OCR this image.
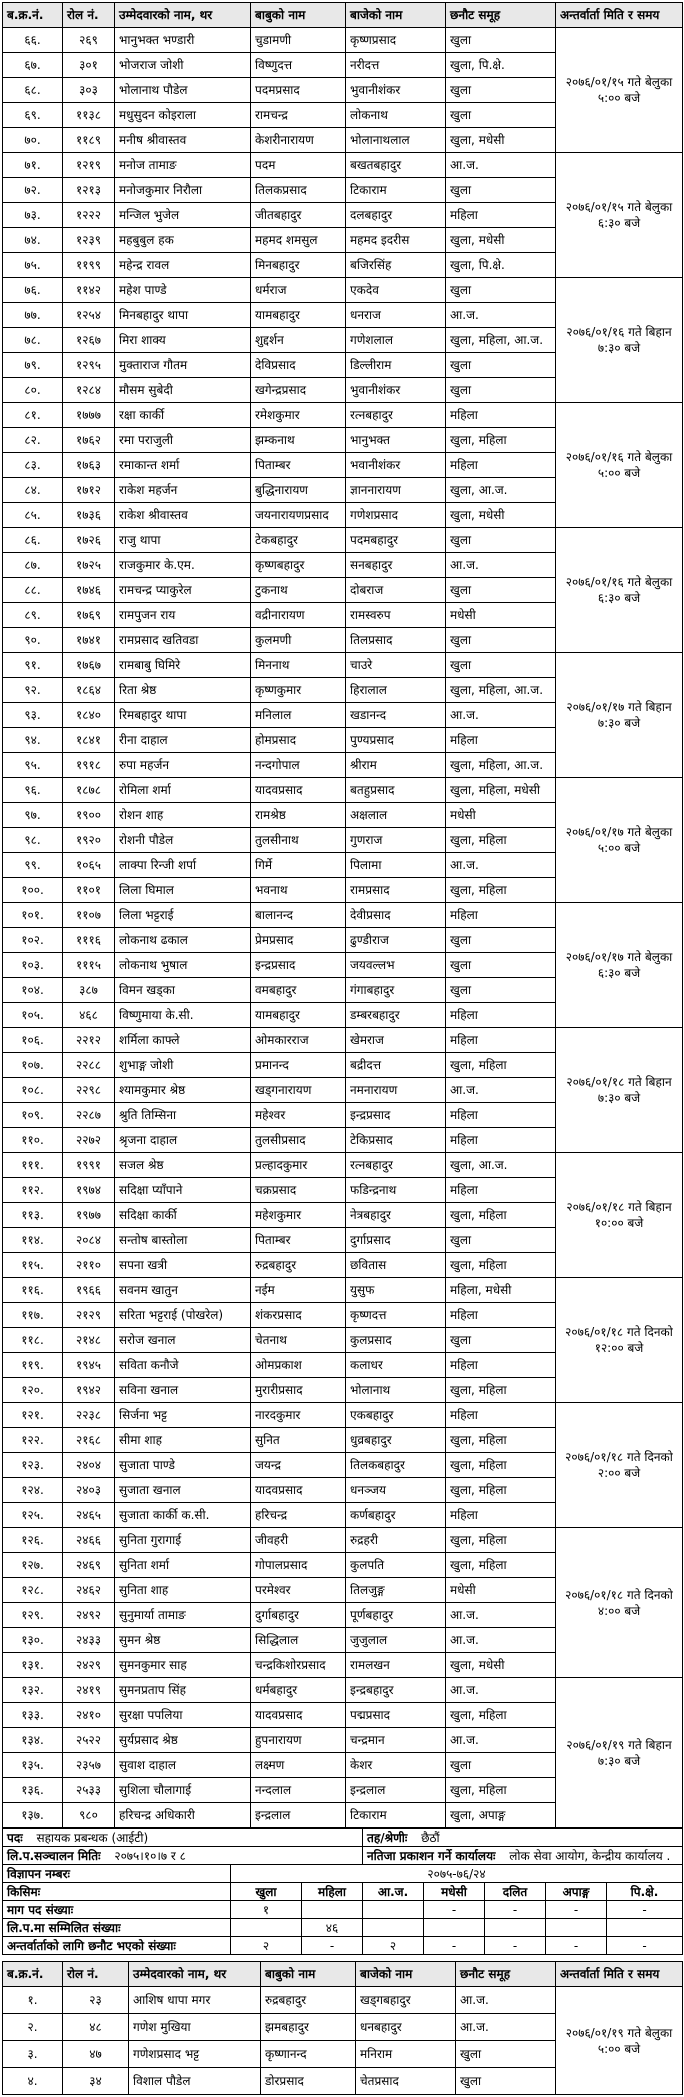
ब.क्र.नं.	रोल नं.	उम्मेदवारको नाम, थर	बाबुको नाम	बाजेको नाम	छनौट समूह	अन्तर्वार्ता मिति र समय
६६.	२६९	भानुभक्त भण्डारी	चुडामणी	कृष्णप्रसाद	खुला	२०७६/०१/१५ गते बेलुका ५:०० बजे
६७.	३०१	भोजराज जोशी	विष्णुदत्त	नरीदत्त	खुला, पि.क्षे.	
६८.	३०३	भोलानाथ पौडेल	पदमप्रसाद	भुवानीशंकर	खुला	
६९.	११३८	मधुसुदन कोइराला	रामचन्द्र	लोकनाथ	खुला	
७०.	११८९	मनीष श्रीवास्तव	केशरीनारायण	भोलानाथलाल	खुला, मधेसी	
७१.	१२१९	मनोज तामाङ	पदम	बखतबहादुर	आ.ज.	२०७६/०१/१५ गते बेलुका ६:३० बजे
७२.	१२१३	मनोजकुमार निरौला	तिलकप्रसाद	टिकाराम	खुला	
७३.	१२२२	मन्जिल भुजेल	जीतबहादुर	दलबहादुर	महिला	
७४.	१२३९	महबुबुल हक	महमद शमसुल	महमद इदरीस	खुला, मधेसी	
७५.	११९९	महेन्द्र रावल	मिनबहादुर	बजिरसिंह	खुला, पि.क्षे.	
७६.	११४२	महेश पाण्डे	धर्मराज	एकदेव	खुला	२०७६/०१/१६ गते बिहान ७:३० बजे
७७.	१२५४	मिनबहादुर थापा	यामबहादुर	धनराज	आ.ज.	
७८.	१२६७	मिरा शाक्य	शुद्दर्शन	गणेशलाल	खुला, महिला, आ.ज.	
७९.	१२९५	मुक्ताराज गौतम	देविप्रसाद	डिल्लीराम	खुला	
८०.	१२८४	मौसम सुबेदी	खगेन्द्रप्रसाद	भुवानीशंकर	खुला	
८१.	१७७७	रक्षा कार्की	रमेशकुमार	रत्नबहादुर	महिला	२०७६/०१/१६ गते बेलुका ५:०० बजे
८२.	१७६२	रमा पराजुली	झम्कनाथ	भानुभक्त	खुला, महिला	
८३.	१७६३	रमाकान्त शर्मा	पिताम्बर	भवानीशंकर	महिला	
८४.	१७१२	राकेश महर्जन	बुद्धिनारायण	ज्ञाननारायण	खुला, आ.ज.	
८५.	१७३६	राकेश श्रीवास्तव	जयनारायणप्रसाद	गणेशप्रसाद	खुला, मधेसी	
८६.	१७२६	राजु थापा	टेकबहादुर	पदमबहादुर	खुला	२०७६/०१/१६ गते बेलुका ६:३० बजे
८७.	१७२५	राजकुमार के.एम.	कृष्णबहादुर	सनबहादुर	आ.ज.	
८८.	१७४६	रामचन्द्र प्याकुरेल	टुकनाथ	दोबराज	खुला	
८९.	१७६९	रामपुजन राय	वद्रीनारायण	रामस्वरुप	मधेसी	
९०.	१७४१	रामप्रसाद खतिवडा	कुलमणी	तिलप्रसाद	खुला	
९१.	१७६७	रामबाबु घिमिरे	मिननाथ	चाउरे	खुला	२०७६/०१/१७ गते बिहान ७:३० बजे
९२.	१८६४	रिता श्रेष्ठ	कृष्णकुमार	हिरालाल	खुला, महिला, आ.ज.	
९३.	१८४०	रिमबहादुर थापा	मनिलाल	खडानन्द	आ.ज.	
९४.	१८४१	रीना दाहाल	होमप्रसाद	पुण्यप्रसाद	महिला	
९५.	१९१८	रुपा महर्जन	नन्दगोपाल	श्रीराम	खुला, महिला, आ.ज.	
९६.	१८७८	रोमिला शर्मा	यादवप्रसाद	बतहुप्रसाद	खुला, महिला, मधेसी	२०७६/०१/१७ गते बेलुका ५:०० बजे
९७.	१९००	रोशन शाह	रामश्रेष्ठ	अक्षलाल	मधेसी	
९८.	१९२०	रोशनी पौडेल	तुलसीनाथ	गुणराज	खुला, महिला	
९९.	१०६५	लाक्पा रिन्जी शर्पा	गिर्मे	पिलामा	आ.ज.	
१००.	११०१	लिला घिमाल	भवनाथ	रामप्रसाद	खुला, महिला	
१०१.	११०७	लिला भट्टराई	बालानन्द	देवीप्रसाद	महिला	२०७६/०१/१७ गते बेलुका ६:३० बजे
१०२.	१११६	लोकनाथ ढकाल	प्रेमप्रसाद	ढुण्डीराज	खुला	
१०३.	१११५	लोकनाथ भुषाल	इन्द्रप्रसाद	जयवल्लभ	खुला	
१०४.	३८७	विमन खड्का	वमबहादुर	गंगाबहादुर	खुला	
१०५.	४६८	विष्णुमाया के.सी.	यामबहादुर	डम्बरबहादुर	महिला	
१०६.	२२१२	शर्मिला काफ्ले	ओमकारराज	खेमराज	महिला	२०७६/०१/१८ गते बिहान ७:३० बजे
१०७.	२२८८	शुभाङ्ग जोशी	प्रमानन्द	बद्रीदत्त	खुला, महिला	
१०८.	२२९८	श्यामकुमार श्रेष्ठ	खड्गनारायण	नमनारायण	आ.ज.	
१०९.	२२८७	श्रुति तिम्सिना	महेश्वर	इन्द्रप्रसाद	महिला	
११०.	२२७२	श्रृजना दाहाल	तुलसीप्रसाद	टेकिप्रसाद	महिला	
१११.	१९९१	सजल श्रेष्ठ	प्रल्हादकुमार	रत्नबहादुर	खुला, आ.ज.	२०७६/०१/१८ गते बिहान १०:०० बजे
११२.	१९७४	सदिक्षा प्याँपाने	चक्रप्रसाद	फडिन्द्रनाथ	महिला	
११३.	१९७७	सदिक्षा कार्की	महेशकुमार	नेत्रबहादुर	खुला, महिला	
११४.	२०८४	सन्तोष बास्तोला	पिताम्बर	दुर्गाप्रसाद	खुला	
११५.	२११०	सपना खत्री	रुद्रबहादुर	छवितास	खुला, महिला	
११६.	१९६६	सवनम खातुन	नईम	युसुफ	महिला, मधेसी	२०७६/०१/१८ गते दिनको १२:०० बजे
११७.	२१२९	सरिता भट्टराई (पोखरेल)	शंकरप्रसाद	कृष्णदत्त	महिला	
११८.	२१४८	सरोज खनाल	चेतनाथ	कुलप्रसाद	खुला	
११९.	१९४५	सविता कनौजे	ओमप्रकाश	कलाधर	महिला	
१२०.	१९४२	सविना खनाल	मुरारीप्रसाद	भोलानाथ	खुला, महिला	
१२१.	२२३८	सिर्जना भट्ट	नारदकुमार	एकबहादुर	महिला	२०७६/०१/१८ गते दिनको २:०० बजे
१२२.	२१६८	सीमा शाह	सुनित	धुव्रबहादुर	खुला, महिला	
१२३.	२४०४	सुजाता पाण्डे	जयन्द्र	तिलकबहादुर	खुला, महिला	
१२४.	२४०३	सुजाता खनाल	यादवप्रसाद	धनञ्जय	खुला, महिला	
१२५.	२४६५	सुजाता कार्की क.सी.	हरिचन्द्र	कर्णबहादुर	महिला	
१२६.	२४६६	सुनिता गुरागाई	जीवहरी	रुद्रहरी	खुला, महिला	२०७६/०१/१८ गते दिनको ४:०० बजे
१२७.	२४६९	सुनिता शर्मा	गोपालप्रसाद	कुलपति	खुला, महिला	
१२८.	२४६२	सुनिता शाह	परमेश्वर	तिलजुङ्ग	मधेसी	
१२९.	२४९२	सुनुमार्या तामाङ	दुर्गाबहादुर	पूर्णबहादुर	आ.ज.	
१३०.	२४३३	सुमन श्रेष्ठ	सिद्धिलाल	जुजुलाल	आ.ज.	
१३१.	२४२९	सुमनकुमार साह	चन्द्रकिशोरप्रसाद	रामलखन	खुला, मधेसी	
१३२.	२४१९	सुमनप्रताप सिंह	धर्मबहादुर	इन्द्रबहादुर	आ.ज.	२०७६/०१/१९ गते बिहान ७:३० बजे
१३३.	२४१०	सुरक्षा पपलिया	यादवप्रसाद	पद्मप्रसाद	खुला, महिला	
१३४.	२५२२	सुर्यप्रसाद श्रेष्ठ	हुपनारायण	चन्द्रमान	आ.ज.	
१३५.	२३५७	सुवाश दाहाल	लक्ष्मण	केशर	खुला	
१३६.	२५३३	सुशिला चौलागाई	नन्दलाल	इन्द्रलाल	खुला, महिला	
१३७.	९८०	हरिचन्द्र अधिकारी	इन्द्रलाल	टिकाराम	खुला, अपाङ्ग	
पदः सहायक प्रबन्धक (आईटी)			तह/श्रेणीः छैठौं				
लि.प.सञ्चालन मितिः २०७५।१०।७ र ८			नतिजा प्रकाशन गर्ने कार्यालयः लोक सेवा आयोग, केन्द्रीय कार्यालय .				
विज्ञापन नम्बरः	२०७५-७६/२४						
किसिमः	खुला	महिला	आ.ज.	मधेसी	दलित	अपाङ्ग	पि.क्षे.
माग पद संख्याः	१			-	-	-	-
लि.प.मा सम्मिलित संख्याः		४६					
अन्तर्वार्ताको लागि छनौट भएको संख्याः	२	-	२	-	-	-	-
ब.क्र.नं.	रोल नं.	उम्मेदवारको नाम, थर	बाबुको नाम	बाजेको नाम	छनौट समूह	अन्तर्वार्ता मिति र समय
१.	२३	आशिष धापा मगर	रुद्रबहादुर	खड्गबहादुर	आ.ज.	२०७६/०१/१९ गते बेलुका ५:०० बजे
२.	४८	गणेश मुखिया	झमबहादुर	धनबहादुर	आ.ज.	
३.	४७	गणेशप्रसाद भट्ट	कृष्णानन्द	मनिराम	खुला	
४.	३४	विशाल पौडेल	डोरप्रसाद	चेतप्रसाद	खुला	
